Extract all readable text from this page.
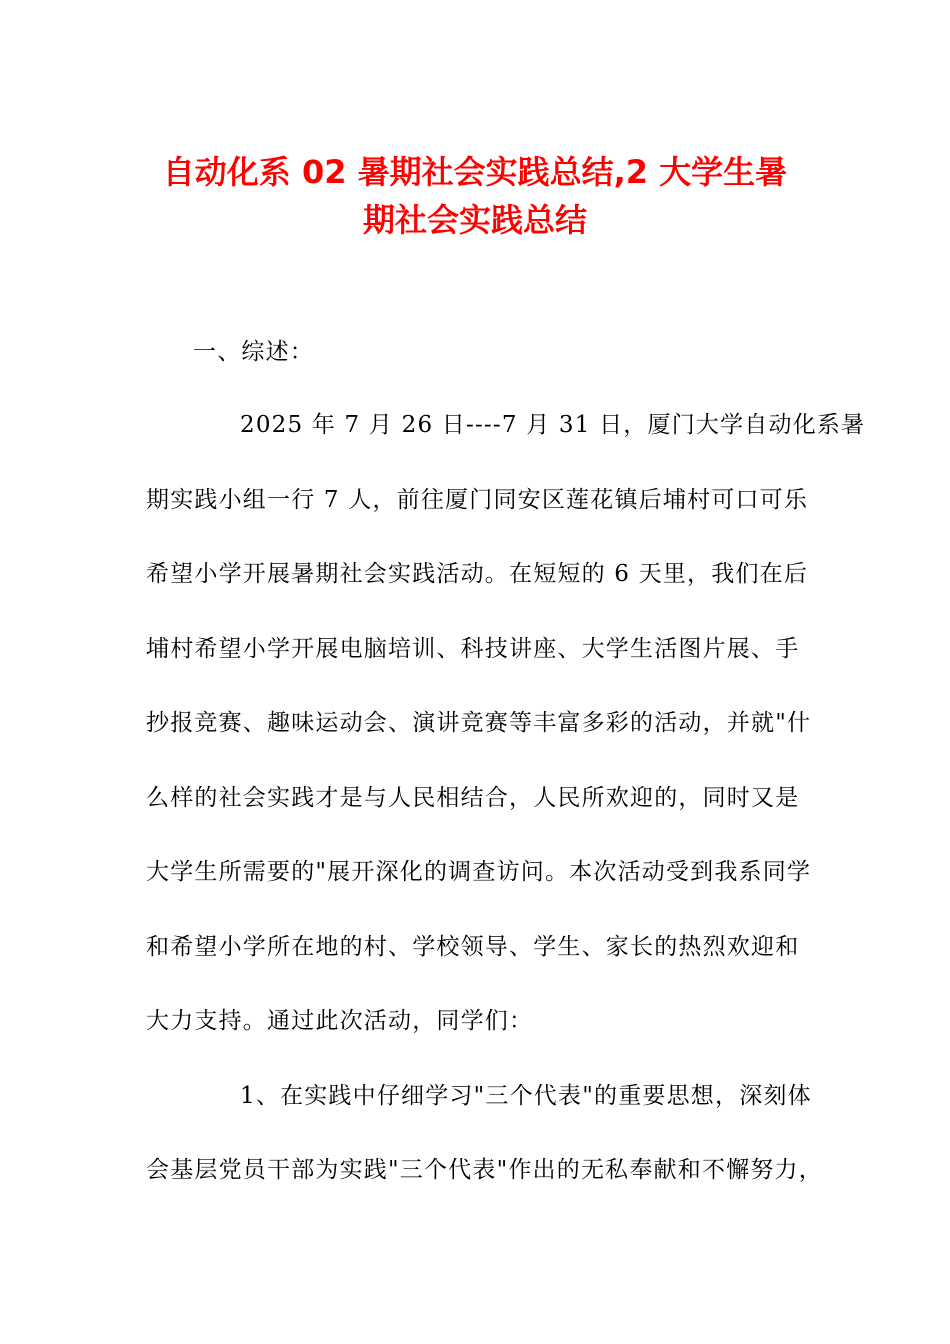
自动化系 02 暑期社会实践总结,2 大学生暑
期社会实践总结
一、综述：
2025 年 7 月 26 日----7 月 31 日，厦门大学自动化系暑
期实践小组一行 7 人，前往厦门同安区莲花镇后埔村可口可乐
希望小学开展暑期社会实践活动。在短短的 6 天里，我们在后
埔村希望小学开展电脑培训、科技讲座、大学生活图片展、手
抄报竞赛、趣味运动会、演讲竞赛等丰富多彩的活动，并就"什
么样的社会实践才是与人民相结合，人民所欢迎的，同时又是
大学生所需要的"展开深化的调查访问。本次活动受到我系同学
和希望小学所在地的村、学校领导、学生、家长的热烈欢迎和
大力支持。通过此次活动，同学们：
1、在实践中仔细学习"三个代表"的重要思想，深刻体
会基层党员干部为实践"三个代表"作出的无私奉献和不懈努力，
